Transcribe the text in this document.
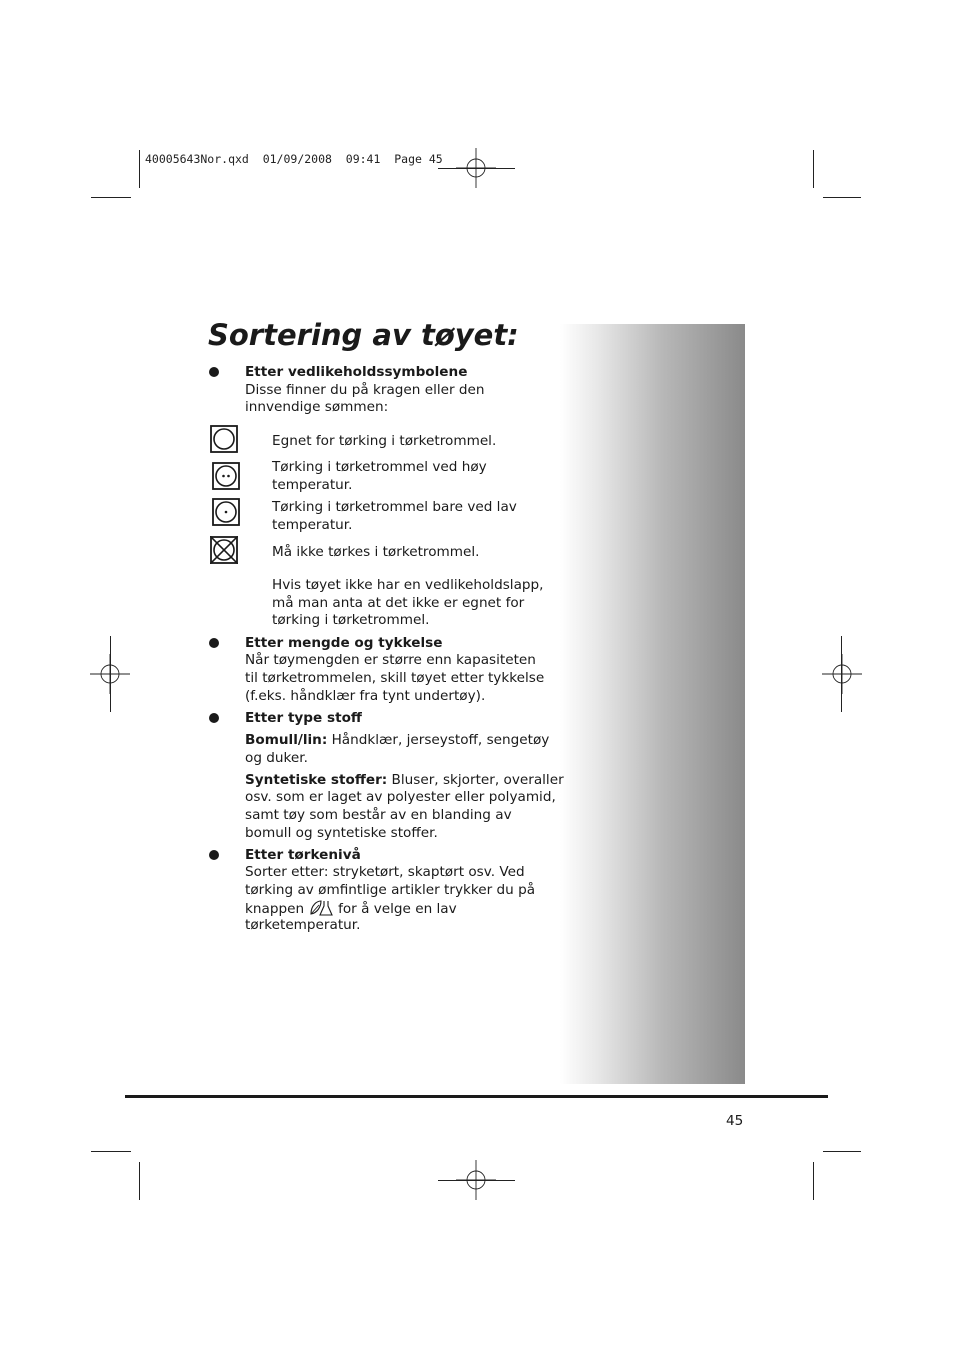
40005643Nor.qxd  01/09/2008  09:41  Page 45
Sortering av tøyet:
Etter vedlikeholdssymbolene
Disse finner du på kragen eller den
innvendige sømmen:
Egnet for tørking i tørketrommel.
Tørking i tørketrommel ved høy
temperatur.
Tørking i tørketrommel bare ved lav
temperatur.
Må ikke tørkes i tørketrommel.
Hvis tøyet ikke har en vedlikeholdslapp,
må man anta at det ikke er egnet for
tørking i tørketrommel.
Etter mengde og tykkelse
Når tøymengden er større enn kapasiteten
til tørketrommelen, skill tøyet etter tykkelse
(f.eks. håndklær fra tynt undertøy).
Etter type stoff
Bomull/lin: Håndklær, jerseystoff, sengetøy
og duker.
Syntetiske stoffer: Bluser, skjorter, overaller
osv. som er laget av polyester eller polyamid,
samt tøy som består av en blanding av
bomull og syntetiske stoffer.
Etter tørkenivå
Sorter etter: stryketørt, skaptørt osv. Ved
tørking av ømfintlige artikler trykker du på
knappen	for å velge en lav
tørketemperatur.
45
